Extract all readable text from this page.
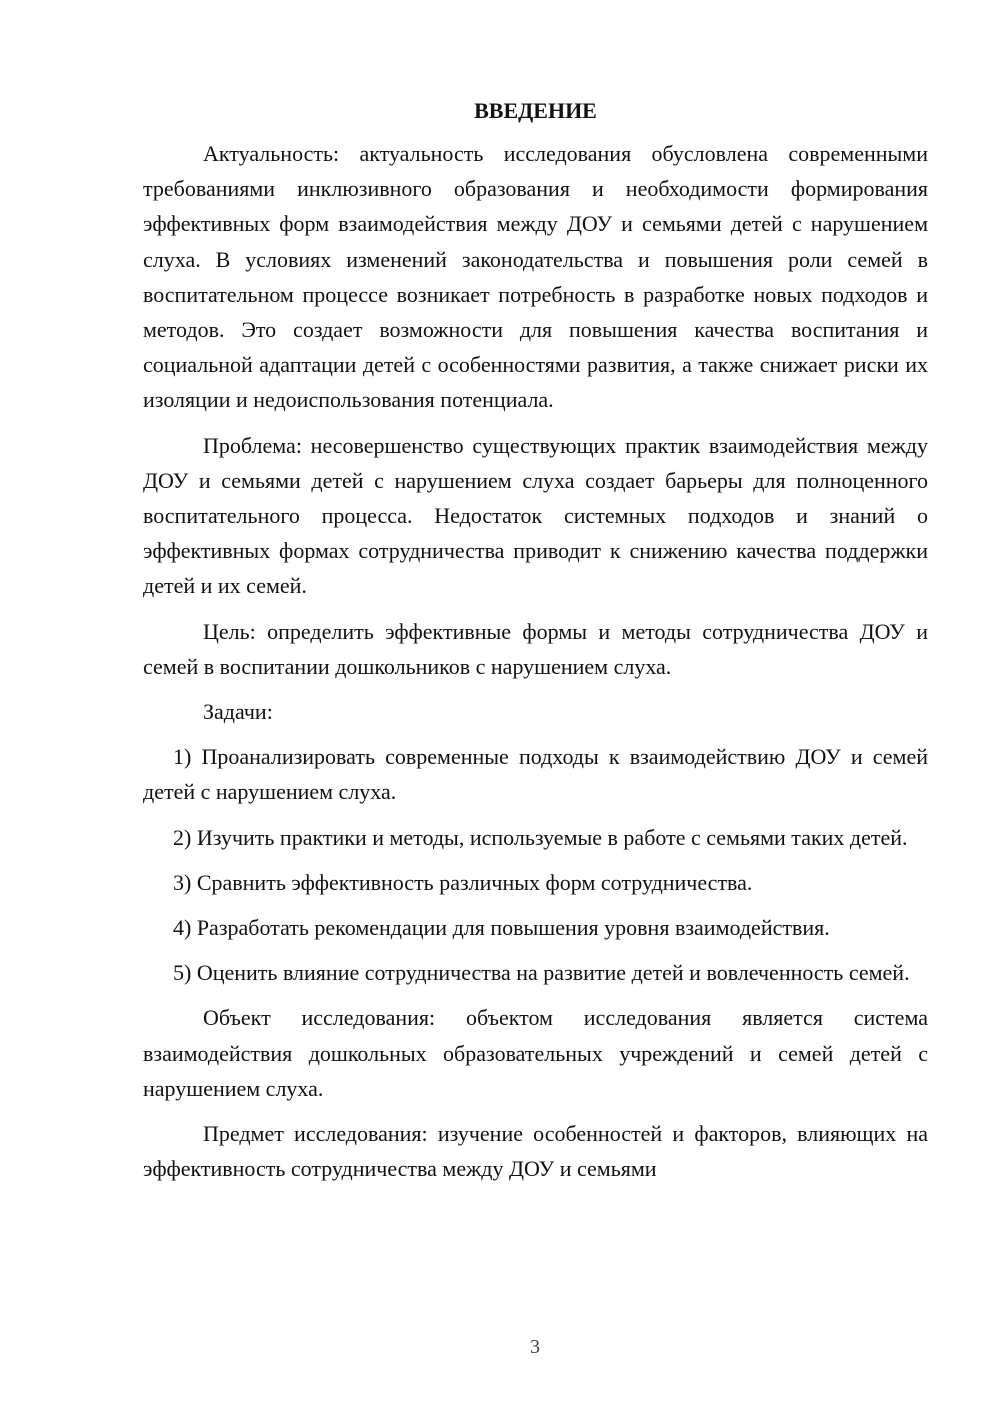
ВВЕДЕНИЕ

Актуальность: актуальность исследования обусловлена современными требованиями инклюзивного образования и необходимости формирования эффективных форм взаимодействия между ДОУ и семьями детей с нарушением слуха. В условиях изменений законодательства и повышения роли семей в воспитательном процессе возникает потребность в разработке новых подходов и методов. Это создает возможности для повышения качества воспитания и социальной адаптации детей с особенностями развития, а также снижает риски их изоляции и недоиспользования потенциала.

Проблема: несовершенство существующих практик взаимодействия между ДОУ и семьями детей с нарушением слуха создает барьеры для полноценного воспитательного процесса. Недостаток системных подходов и знаний о эффективных формах сотрудничества приводит к снижению качества поддержки детей и их семей.

Цель: определить эффективные формы и методы сотрудничества ДОУ и семей в воспитании дошкольников с нарушением слуха.

Задачи:

1) Проанализировать современные подходы к взаимодействию ДОУ и семей детей с нарушением слуха.

2) Изучить практики и методы, используемые в работе с семьями таких детей.

3) Сравнить эффективность различных форм сотрудничества.

4) Разработать рекомендации для повышения уровня взаимодействия.

5) Оценить влияние сотрудничества на развитие детей и вовлеченность семей.

Объект исследования: объектом исследования является система взаимодействия дошкольных образовательных учреждений и семей детей с нарушением слуха.

Предмет исследования: изучение особенностей и факторов, влияющих на эффективность сотрудничества между ДОУ и семьями

3
